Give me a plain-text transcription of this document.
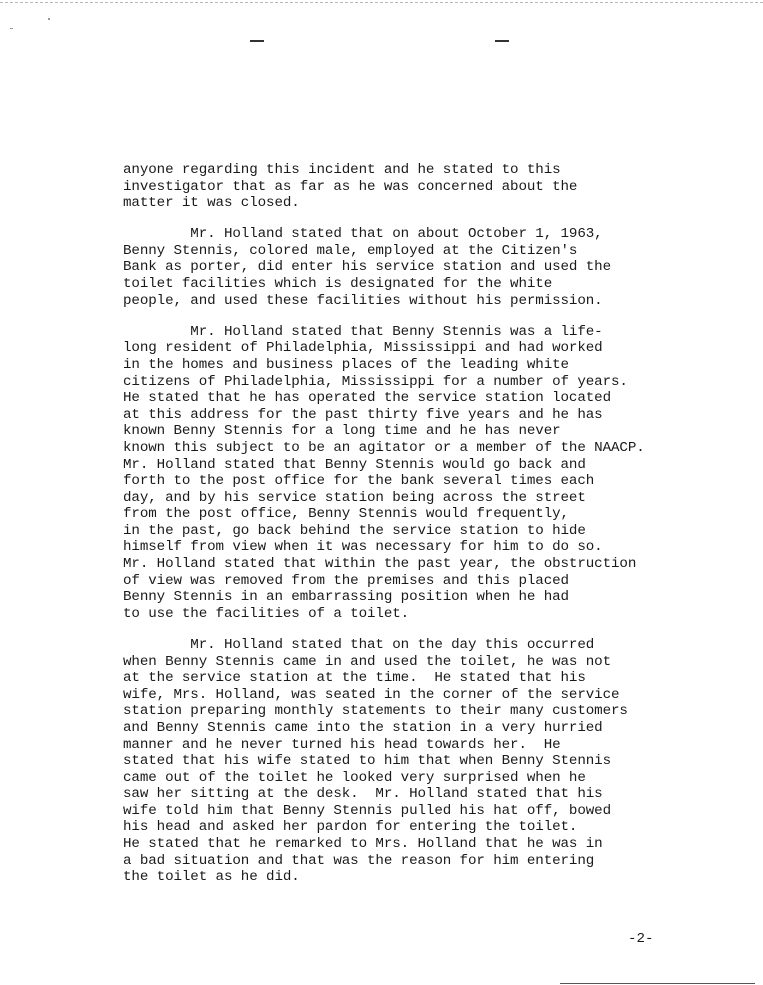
anyone regarding this incident and he stated to this
investigator that as far as he was concerned about the
matter it was closed.
Mr. Holland stated that on about October 1, 1963,
Benny Stennis, colored male, employed at the Citizen's
Bank as porter, did enter his service station and used the
toilet facilities which is designated for the white
people, and used these facilities without his permission.
Mr. Holland stated that Benny Stennis was a life-
long resident of Philadelphia, Mississippi and had worked
in the homes and business places of the leading white
citizens of Philadelphia, Mississippi for a number of years.
He stated that he has operated the service station located
at this address for the past thirty five years and he has
known Benny Stennis for a long time and he has never
known this subject to be an agitator or a member of the NAACP.
Mr. Holland stated that Benny Stennis would go back and
forth to the post office for the bank several times each
day, and by his service station being across the street
from the post office, Benny Stennis would frequently,
in the past, go back behind the service station to hide
himself from view when it was necessary for him to do so.
Mr. Holland stated that within the past year, the obstruction
of view was removed from the premises and this placed
Benny Stennis in an embarrassing position when he had
to use the facilities of a toilet.
Mr. Holland stated that on the day this occurred
when Benny Stennis came in and used the toilet, he was not
at the service station at the time.  He stated that his
wife, Mrs. Holland, was seated in the corner of the service
station preparing monthly statements to their many customers
and Benny Stennis came into the station in a very hurried
manner and he never turned his head towards her.  He
stated that his wife stated to him that when Benny Stennis
came out of the toilet he looked very surprised when he
saw her sitting at the desk.  Mr. Holland stated that his
wife told him that Benny Stennis pulled his hat off, bowed
his head and asked her pardon for entering the toilet.
He stated that he remarked to Mrs. Holland that he was in
a bad situation and that was the reason for him entering
the toilet as he did.
-2-
